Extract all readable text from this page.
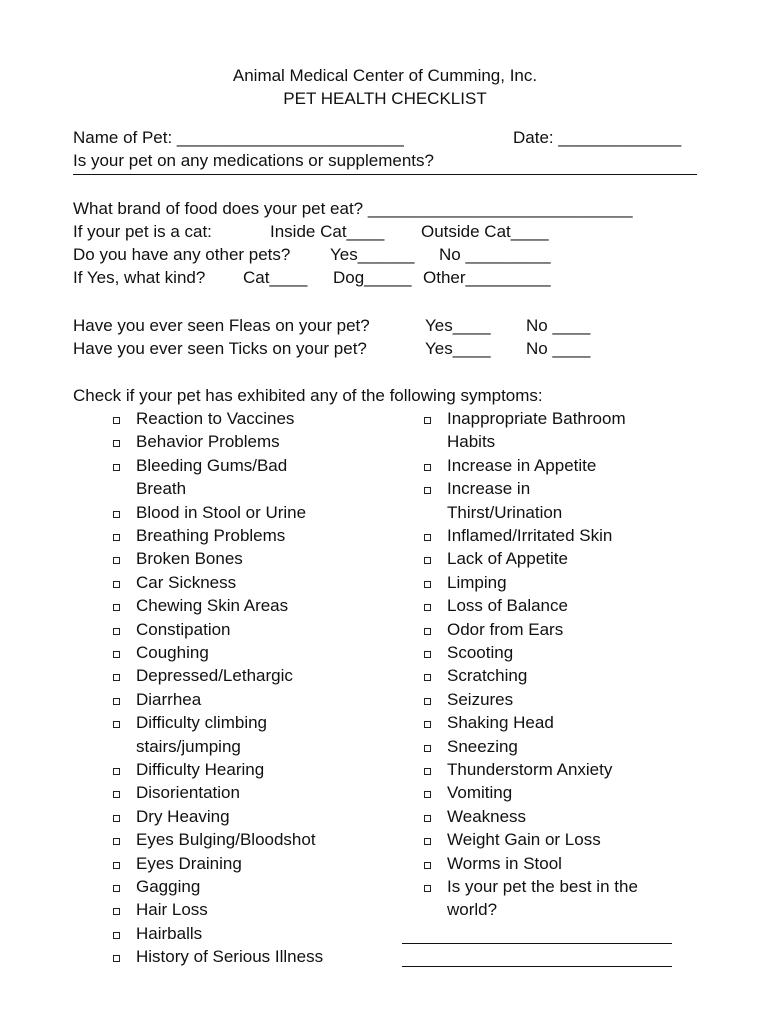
Animal Medical Center of Cumming, Inc.
PET HEALTH CHECKLIST
Name of Pet: ________________________	Date: _____________
Is your pet on any medications or supplements?
What brand of food does your pet eat? ____________________________
If your pet is a cat:	Inside Cat____ Outside Cat____
Do you have any other pets? Yes______ No _________
If Yes, what kind? Cat____ Dog_____ Other_________
Have you ever seen Fleas on your pet?	Yes____ No ____
Have you ever seen Ticks on your pet?	Yes____ No ____
Check if your pet has exhibited any of the following symptoms:
Reaction to Vaccines
Behavior Problems
Bleeding Gums/Bad
Breath
Blood in Stool or Urine
Breathing Problems
Broken Bones
Car Sickness
Chewing Skin Areas
Constipation
Coughing
Depressed/Lethargic
Diarrhea
Difficulty climbing
stairs/jumping
Difficulty Hearing
Disorientation
Dry Heaving
Eyes Bulging/Bloodshot
Eyes Draining
Gagging
Hair Loss
Hairballs
History of Serious Illness
Inappropriate Bathroom
Habits
Increase in Appetite
Increase in
Thirst/Urination
Inflamed/Irritated Skin
Lack of Appetite
Limping
Loss of Balance
Odor from Ears
Scooting
Scratching
Seizures
Shaking Head
Sneezing
Thunderstorm Anxiety
Vomiting
Weakness
Weight Gain or Loss
Worms in Stool
Is your pet the best in the
world?
